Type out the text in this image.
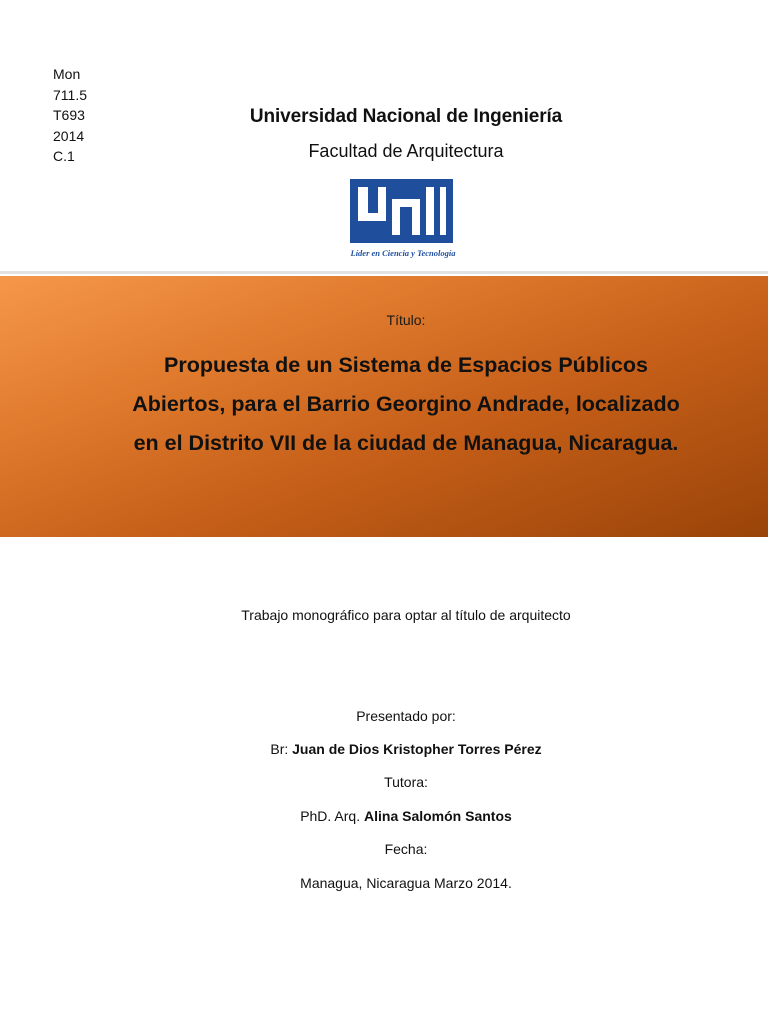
Mon
711.5
T693
2014
C.1
Universidad Nacional de Ingeniería
Facultad de Arquitectura
Líder en Ciencia y Tecnología
Título:
Propuesta de un Sistema de Espacios Públicos Abiertos, para el Barrio Georgino Andrade, localizado en el Distrito VII de la ciudad de Managua, Nicaragua.
Trabajo monográfico para optar al título de arquitecto
Presentado por:
Br: Juan de Dios Kristopher Torres Pérez
Tutora:
PhD. Arq. Alina Salomón Santos
Fecha:
Managua, Nicaragua Marzo 2014.
